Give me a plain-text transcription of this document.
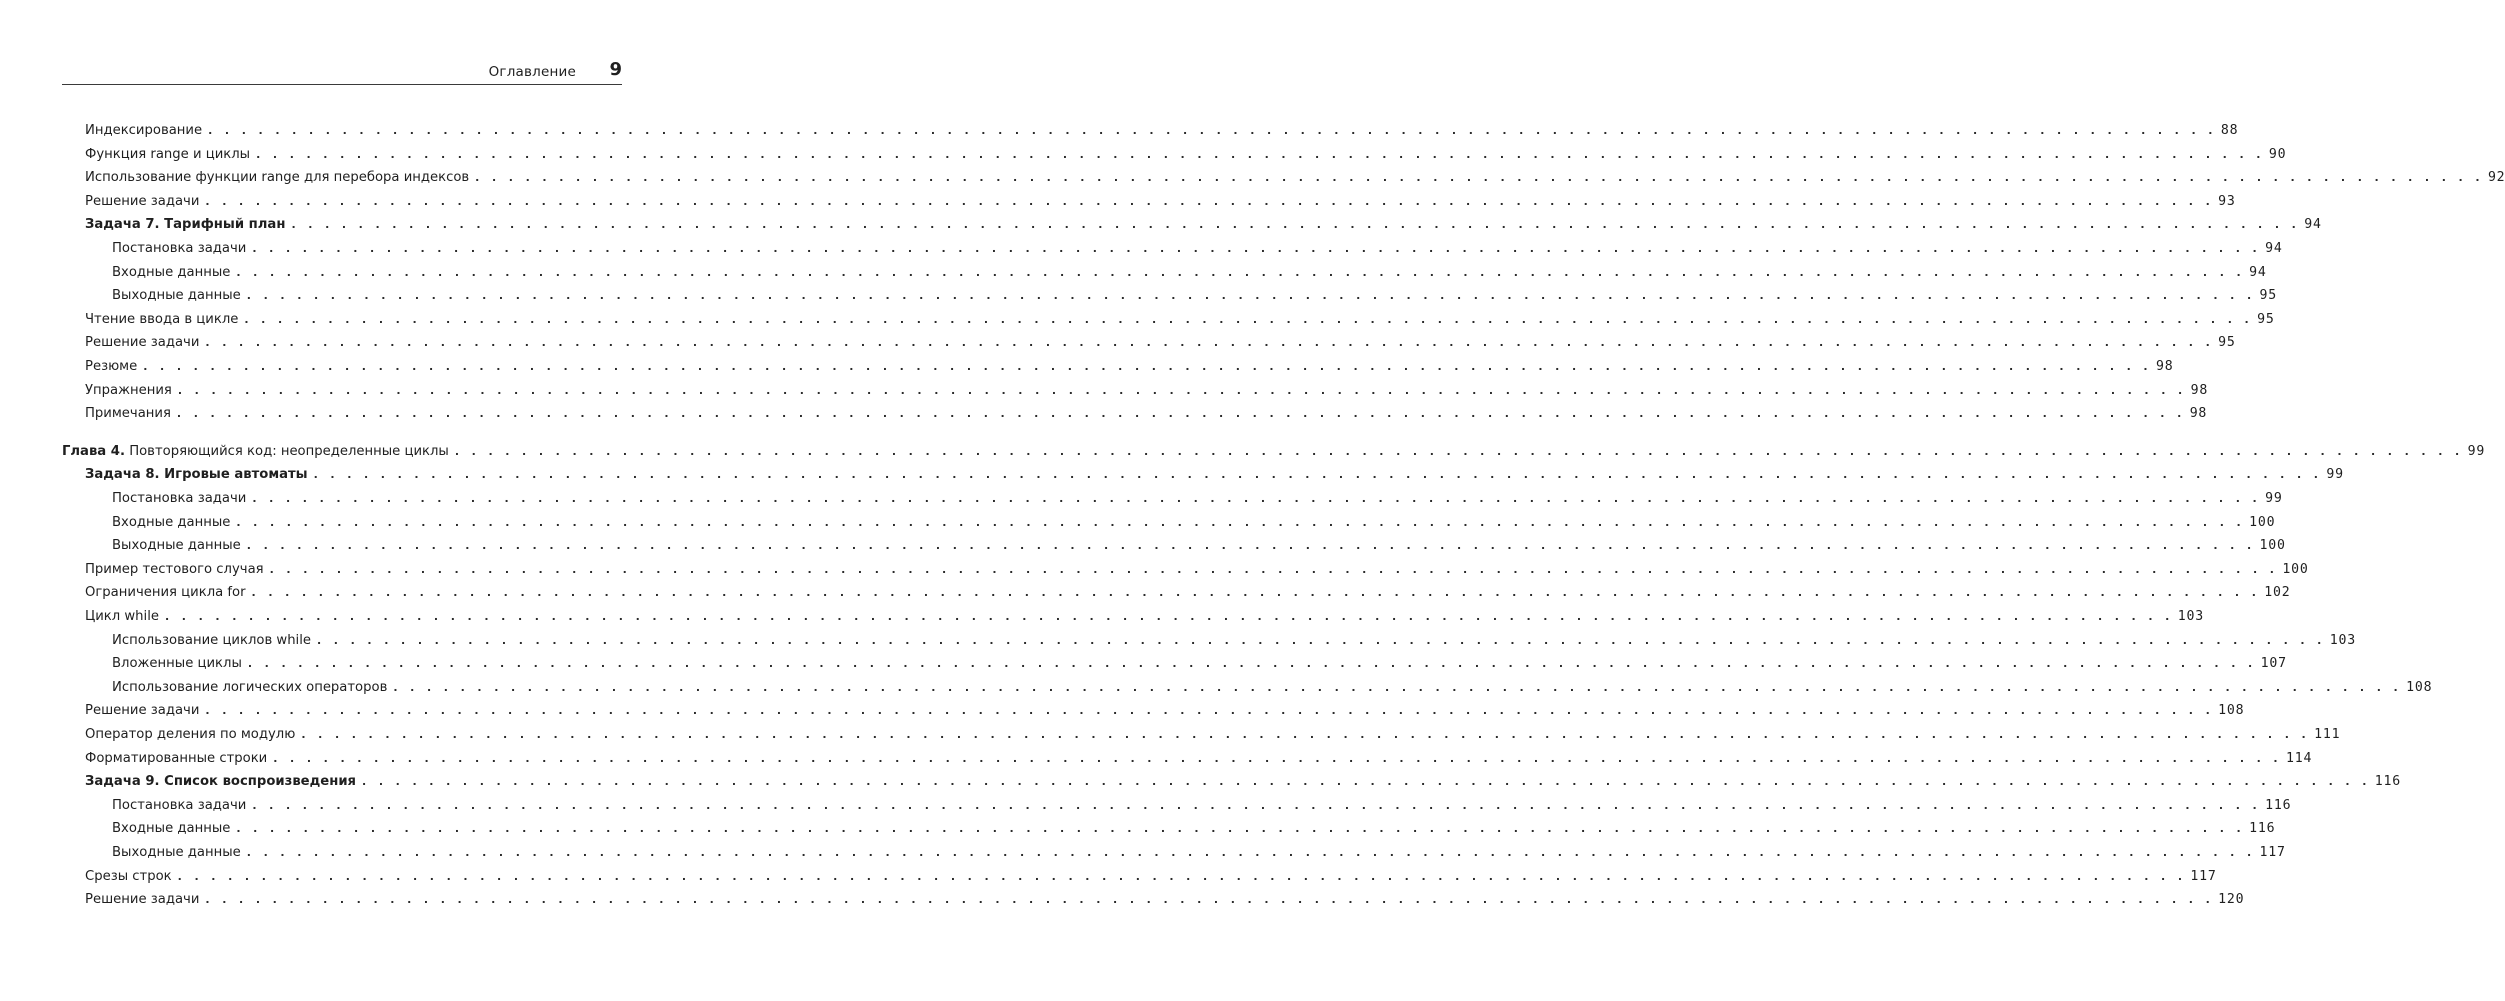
Оглавление 9
Индексирование . . . . . . . . . . . . . . . . . . . . . . . . . . . . . . . . . . . . . . . . . . . . . . . . . . . . . . . . . . . . . . . . . . . . . . . . . . . . . . . . . . . . . . . . . . . . . . . . . . . . . . . . . . . . . . . . . . . . . . . . 88
Функция range и циклы . . . . . . . . . . . . . . . . . . . . . . . . . . . . . . . . . . . . . . . . . . . . . . . . . . . . . . . . . . . . . . . . . . . . . . . . . . . . . . . . . . . . . . . . . . . . . . . . . . . . . . . . . . . . . . . . . . . . . . . . 90
Использование функции range для перебора индексов . . . . . . . . . . . . . . . . . . . . . . . . . . . . . . . . . . . . . . . . . . . . . . . . . . . . . . . . . . . . . . . . . . . . . . . . . . . . . . . . . . . . . . . . . . . . . . . . . . . . . . . . . . . . . . . . . . . . . . . . 92
Решение задачи . . . . . . . . . . . . . . . . . . . . . . . . . . . . . . . . . . . . . . . . . . . . . . . . . . . . . . . . . . . . . . . . . . . . . . . . . . . . . . . . . . . . . . . . . . . . . . . . . . . . . . . . . . . . . . . . . . . . . . . . 93
Задача 7. Тарифный план . . . . . . . . . . . . . . . . . . . . . . . . . . . . . . . . . . . . . . . . . . . . . . . . . . . . . . . . . . . . . . . . . . . . . . . . . . . . . . . . . . . . . . . . . . . . . . . . . . . . . . . . . . . . . . . . . . . . . . . . 94
Постановка задачи . . . . . . . . . . . . . . . . . . . . . . . . . . . . . . . . . . . . . . . . . . . . . . . . . . . . . . . . . . . . . . . . . . . . . . . . . . . . . . . . . . . . . . . . . . . . . . . . . . . . . . . . . . . . . . . . . . . . . . . . 94
Входные данные . . . . . . . . . . . . . . . . . . . . . . . . . . . . . . . . . . . . . . . . . . . . . . . . . . . . . . . . . . . . . . . . . . . . . . . . . . . . . . . . . . . . . . . . . . . . . . . . . . . . . . . . . . . . . . . . . . . . . . . . 94
Выходные данные . . . . . . . . . . . . . . . . . . . . . . . . . . . . . . . . . . . . . . . . . . . . . . . . . . . . . . . . . . . . . . . . . . . . . . . . . . . . . . . . . . . . . . . . . . . . . . . . . . . . . . . . . . . . . . . . . . . . . . . . 95
Чтение ввода в цикле . . . . . . . . . . . . . . . . . . . . . . . . . . . . . . . . . . . . . . . . . . . . . . . . . . . . . . . . . . . . . . . . . . . . . . . . . . . . . . . . . . . . . . . . . . . . . . . . . . . . . . . . . . . . . . . . . . . . . . . . 95
Решение задачи . . . . . . . . . . . . . . . . . . . . . . . . . . . . . . . . . . . . . . . . . . . . . . . . . . . . . . . . . . . . . . . . . . . . . . . . . . . . . . . . . . . . . . . . . . . . . . . . . . . . . . . . . . . . . . . . . . . . . . . . 95
Резюме . . . . . . . . . . . . . . . . . . . . . . . . . . . . . . . . . . . . . . . . . . . . . . . . . . . . . . . . . . . . . . . . . . . . . . . . . . . . . . . . . . . . . . . . . . . . . . . . . . . . . . . . . . . . . . . . . . . . . . . . 98
Упражнения . . . . . . . . . . . . . . . . . . . . . . . . . . . . . . . . . . . . . . . . . . . . . . . . . . . . . . . . . . . . . . . . . . . . . . . . . . . . . . . . . . . . . . . . . . . . . . . . . . . . . . . . . . . . . . . . . . . . . . . . 98
Примечания . . . . . . . . . . . . . . . . . . . . . . . . . . . . . . . . . . . . . . . . . . . . . . . . . . . . . . . . . . . . . . . . . . . . . . . . . . . . . . . . . . . . . . . . . . . . . . . . . . . . . . . . . . . . . . . . . . . . . . . . 98
Глава 4. Повторяющийся код: неопределенные циклы . . . . . . . . . . . . . . . . . . . . . . . . . . . . . . . . . . . . . . . . . . . . . . . . . . . . . . . . . . . . . . . . . . . . . . . . . . . . . . . . . . . . . . . . . . . . . . . . . . . . . . . . . . . . . . . . . . . . . . . . 99
Задача 8. Игровые автоматы . . . . . . . . . . . . . . . . . . . . . . . . . . . . . . . . . . . . . . . . . . . . . . . . . . . . . . . . . . . . . . . . . . . . . . . . . . . . . . . . . . . . . . . . . . . . . . . . . . . . . . . . . . . . . . . . . . . . . . . . 99
Постановка задачи . . . . . . . . . . . . . . . . . . . . . . . . . . . . . . . . . . . . . . . . . . . . . . . . . . . . . . . . . . . . . . . . . . . . . . . . . . . . . . . . . . . . . . . . . . . . . . . . . . . . . . . . . . . . . . . . . . . . . . . . 99
Входные данные . . . . . . . . . . . . . . . . . . . . . . . . . . . . . . . . . . . . . . . . . . . . . . . . . . . . . . . . . . . . . . . . . . . . . . . . . . . . . . . . . . . . . . . . . . . . . . . . . . . . . . . . . . . . . . . . . . . . . . . . 100
Выходные данные . . . . . . . . . . . . . . . . . . . . . . . . . . . . . . . . . . . . . . . . . . . . . . . . . . . . . . . . . . . . . . . . . . . . . . . . . . . . . . . . . . . . . . . . . . . . . . . . . . . . . . . . . . . . . . . . . . . . . . . . 100
Пример тестового случая . . . . . . . . . . . . . . . . . . . . . . . . . . . . . . . . . . . . . . . . . . . . . . . . . . . . . . . . . . . . . . . . . . . . . . . . . . . . . . . . . . . . . . . . . . . . . . . . . . . . . . . . . . . . . . . . . . . . . . . . 100
Ограничения цикла for . . . . . . . . . . . . . . . . . . . . . . . . . . . . . . . . . . . . . . . . . . . . . . . . . . . . . . . . . . . . . . . . . . . . . . . . . . . . . . . . . . . . . . . . . . . . . . . . . . . . . . . . . . . . . . . . . . . . . . . . 102
Цикл while . . . . . . . . . . . . . . . . . . . . . . . . . . . . . . . . . . . . . . . . . . . . . . . . . . . . . . . . . . . . . . . . . . . . . . . . . . . . . . . . . . . . . . . . . . . . . . . . . . . . . . . . . . . . . . . . . . . . . . . . 103
Использование циклов while . . . . . . . . . . . . . . . . . . . . . . . . . . . . . . . . . . . . . . . . . . . . . . . . . . . . . . . . . . . . . . . . . . . . . . . . . . . . . . . . . . . . . . . . . . . . . . . . . . . . . . . . . . . . . . . . . . . . . . . . 103
Вложенные циклы . . . . . . . . . . . . . . . . . . . . . . . . . . . . . . . . . . . . . . . . . . . . . . . . . . . . . . . . . . . . . . . . . . . . . . . . . . . . . . . . . . . . . . . . . . . . . . . . . . . . . . . . . . . . . . . . . . . . . . . . 107
Использование логических операторов . . . . . . . . . . . . . . . . . . . . . . . . . . . . . . . . . . . . . . . . . . . . . . . . . . . . . . . . . . . . . . . . . . . . . . . . . . . . . . . . . . . . . . . . . . . . . . . . . . . . . . . . . . . . . . . . . . . . . . . . 108
Решение задачи . . . . . . . . . . . . . . . . . . . . . . . . . . . . . . . . . . . . . . . . . . . . . . . . . . . . . . . . . . . . . . . . . . . . . . . . . . . . . . . . . . . . . . . . . . . . . . . . . . . . . . . . . . . . . . . . . . . . . . . . 108
Оператор деления по модулю . . . . . . . . . . . . . . . . . . . . . . . . . . . . . . . . . . . . . . . . . . . . . . . . . . . . . . . . . . . . . . . . . . . . . . . . . . . . . . . . . . . . . . . . . . . . . . . . . . . . . . . . . . . . . . . . . . . . . . . . 111
Форматированные строки . . . . . . . . . . . . . . . . . . . . . . . . . . . . . . . . . . . . . . . . . . . . . . . . . . . . . . . . . . . . . . . . . . . . . . . . . . . . . . . . . . . . . . . . . . . . . . . . . . . . . . . . . . . . . . . . . . . . . . . . 114
Задача 9. Список воспроизведения . . . . . . . . . . . . . . . . . . . . . . . . . . . . . . . . . . . . . . . . . . . . . . . . . . . . . . . . . . . . . . . . . . . . . . . . . . . . . . . . . . . . . . . . . . . . . . . . . . . . . . . . . . . . . . . . . . . . . . . . 116
Постановка задачи . . . . . . . . . . . . . . . . . . . . . . . . . . . . . . . . . . . . . . . . . . . . . . . . . . . . . . . . . . . . . . . . . . . . . . . . . . . . . . . . . . . . . . . . . . . . . . . . . . . . . . . . . . . . . . . . . . . . . . . . 116
Входные данные . . . . . . . . . . . . . . . . . . . . . . . . . . . . . . . . . . . . . . . . . . . . . . . . . . . . . . . . . . . . . . . . . . . . . . . . . . . . . . . . . . . . . . . . . . . . . . . . . . . . . . . . . . . . . . . . . . . . . . . . 116
Выходные данные . . . . . . . . . . . . . . . . . . . . . . . . . . . . . . . . . . . . . . . . . . . . . . . . . . . . . . . . . . . . . . . . . . . . . . . . . . . . . . . . . . . . . . . . . . . . . . . . . . . . . . . . . . . . . . . . . . . . . . . . 117
Срезы строк . . . . . . . . . . . . . . . . . . . . . . . . . . . . . . . . . . . . . . . . . . . . . . . . . . . . . . . . . . . . . . . . . . . . . . . . . . . . . . . . . . . . . . . . . . . . . . . . . . . . . . . . . . . . . . . . . . . . . . . . 117
Решение задачи . . . . . . . . . . . . . . . . . . . . . . . . . . . . . . . . . . . . . . . . . . . . . . . . . . . . . . . . . . . . . . . . . . . . . . . . . . . . . . . . . . . . . . . . . . . . . . . . . . . . . . . . . . . . . . . . . . . . . . . . 120
